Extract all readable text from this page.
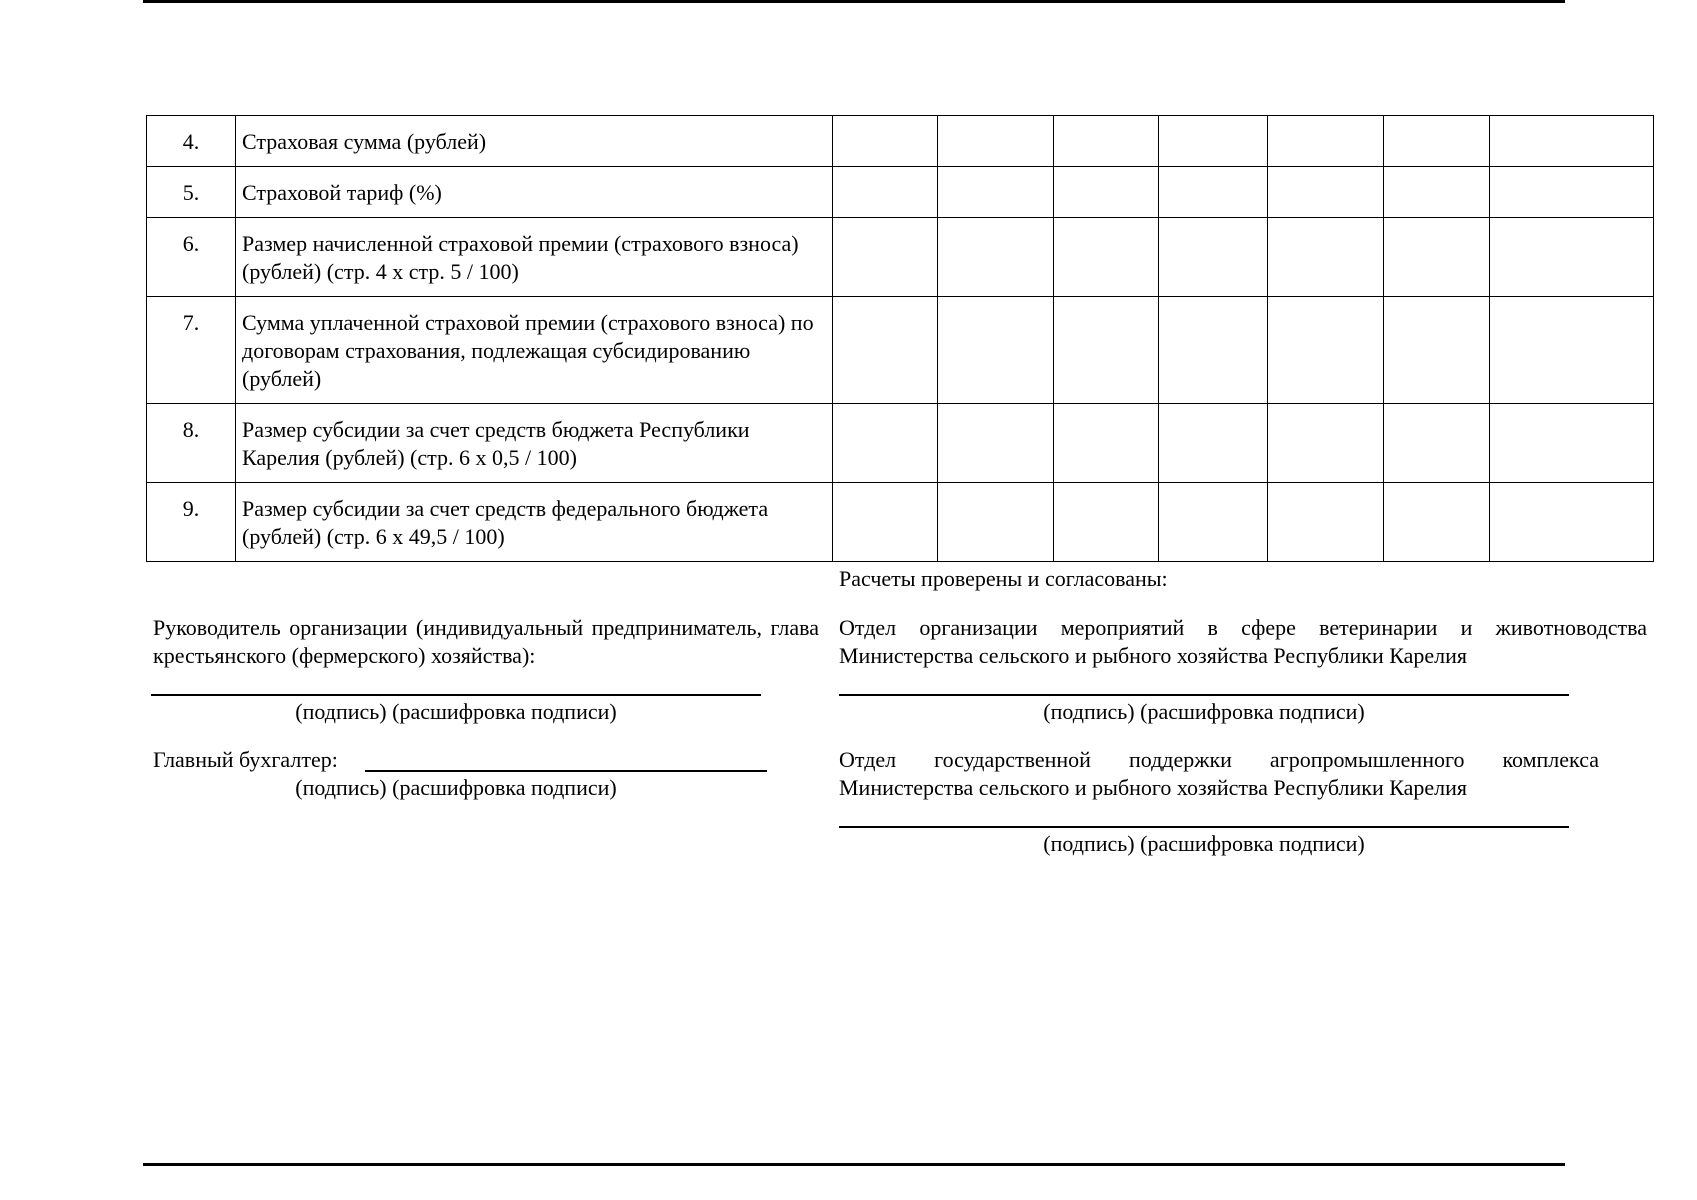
4.	Страховая сумма (рублей)							
5.	Страховой тариф (%)							
6.	Размер начисленной страховой премии (страхового взноса) (рублей) (стр. 4 х стр. 5 / 100)							
7.	Сумма уплаченной страховой премии (страхового взноса) по договорам страхования, подлежащая субсидированию (рублей)							
8.	Размер субсидии за счет средств бюджета Республики Карелия (рублей) (стр. 6 х 0,5 / 100)							
9.	Размер субсидии за счет средств федерального бюджета (рублей) (стр. 6 х 49,5 / 100)							
Расчеты проверены и согласованы:
Отдел организации мероприятий в сфере ветеринарии и животноводства Министерства сельского и рыбного хозяйства Республики Карелия
(подпись) (расшифровка подписи)
Отдел государственной поддержки агропромышленного комплекса Министерства сельского и рыбного хозяйства Республики Карелия
(подпись) (расшифровка подписи)
Руководитель организации (индивидуальный предприниматель, глава крестьянского (фермерского) хозяйства):
(подпись) (расшифровка подписи)
Главный бухгалтер:
(подпись) (расшифровка подписи)
